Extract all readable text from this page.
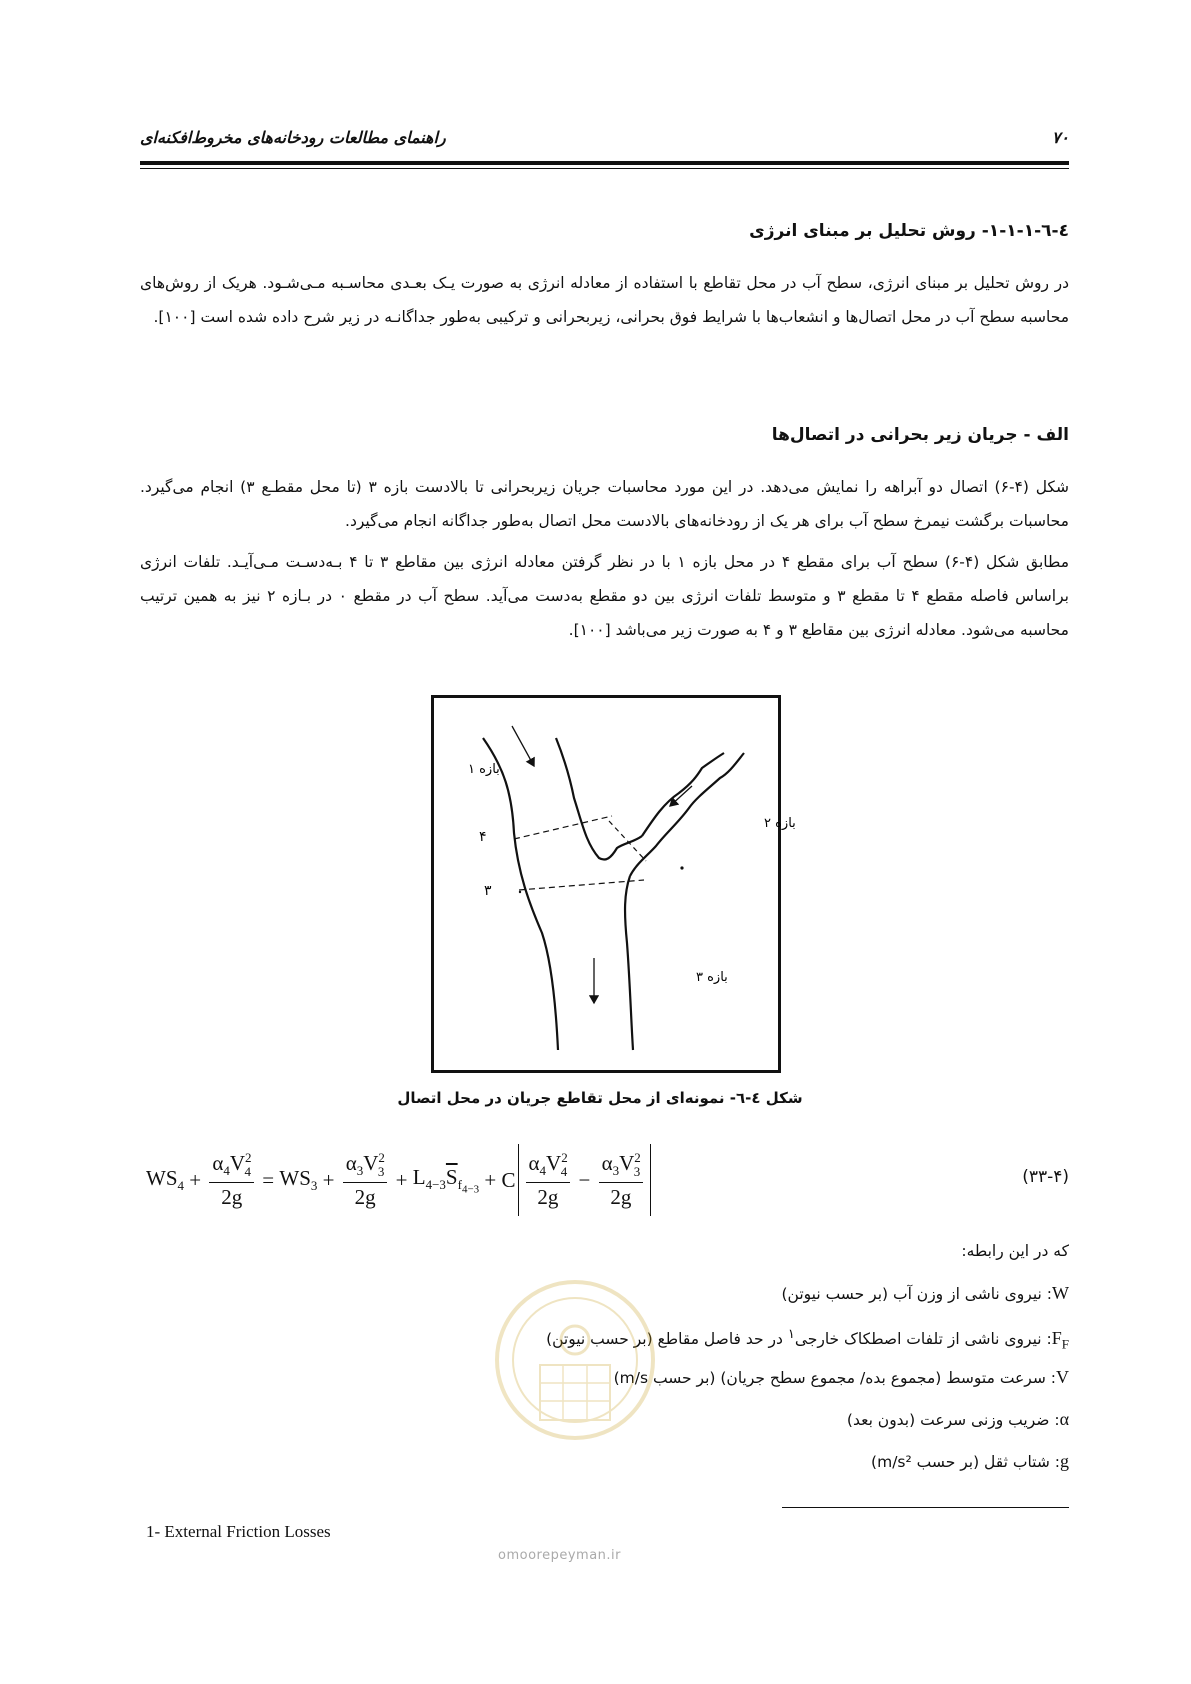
راهنمای مطالعات رودخانه‌های مخروط‌افکنه‌ای	۷۰
٤-٦-١-١-١- روش تحلیل بر مبنای انرژی

در روش تحلیل بر مبنای انرژی، سطح آب در محل تقاطع با استفاده از معادله انرژی به صورت یـک بعـدی محاسـبه مـی‌شـود. هریک از روش‌های محاسبه سطح آب در محل اتصال‌ها و انشعاب‌ها با شرایط فوق بحرانی، زیربحرانی و ترکیبی به‌طور جداگانـه در زیر شرح داده شده است [۱۰۰].

الف - جریان زیر بحرانی در اتصال‌ها

شکل (۴-۶) اتصال دو آبراهه را نمایش می‌دهد. در این مورد محاسبات جریان زیربحرانی تا بالادست بازه ۳ (تا محل مقطـع ۳) انجام می‌گیرد. محاسبات برگشت نیمرخ سطح آب برای هر یک از رودخانه‌های بالادست محل اتصال به‌طور جداگانه انجام می‌گیرد.

مطابق شکل (۴-۶) سطح آب برای مقطع ۴ در محل بازه ۱ با در نظر گرفتن معادله انرژی بین مقاطع ۳ تا ۴ بـه‌دسـت مـی‌آیـد. تلفات انرژی براساس فاصله مقطع ۴ تا مقطع ۳ و متوسط تلفات انرژی بین دو مقطع به‌دست می‌آید. سطح آب در مقطع ۰ در بـازه ۲ نیز به همین ترتیب محاسبه می‌شود. معادله انرژی بین مقاطع ۳ و ۴ به صورت زیر می‌باشد [۱۰۰].

بازه ۱
بازه ۲
بازه ۳
۴
۳
شکل ٤-٦- نمونه‌ای از محل تقاطع جریان در محل اتصال
$WS_4 + \frac{\alpha_4V^2_4}{2g} = WS_3 + \frac{\alpha_3V^2_3}{2g} + L_{4-3}\overline{S}_{f_{4-3}} + C \frac{\alpha_4V^2_4}{2g} - \frac{\alpha_3V^2_3}{2g}$	(۳۳-۴)
که در این رابطه:
W: نیروی ناشی از وزن آب (بر حسب نیوتن)
$F_F$: نیروی ناشی از تلفات اصطکاک خارجی$^۱$ در حد فاصل مقاطع (بر حسب نیوتن)
V: سرعت متوسط (مجموع بده/ مجموع سطح جریان) (بر حسب m/s)
α: ضریب وزنی سرعت (بدون بعد)
g: شتاب ثقل (بر حسب m/s²)
1- External Friction Losses
omoorepeyman.ir
